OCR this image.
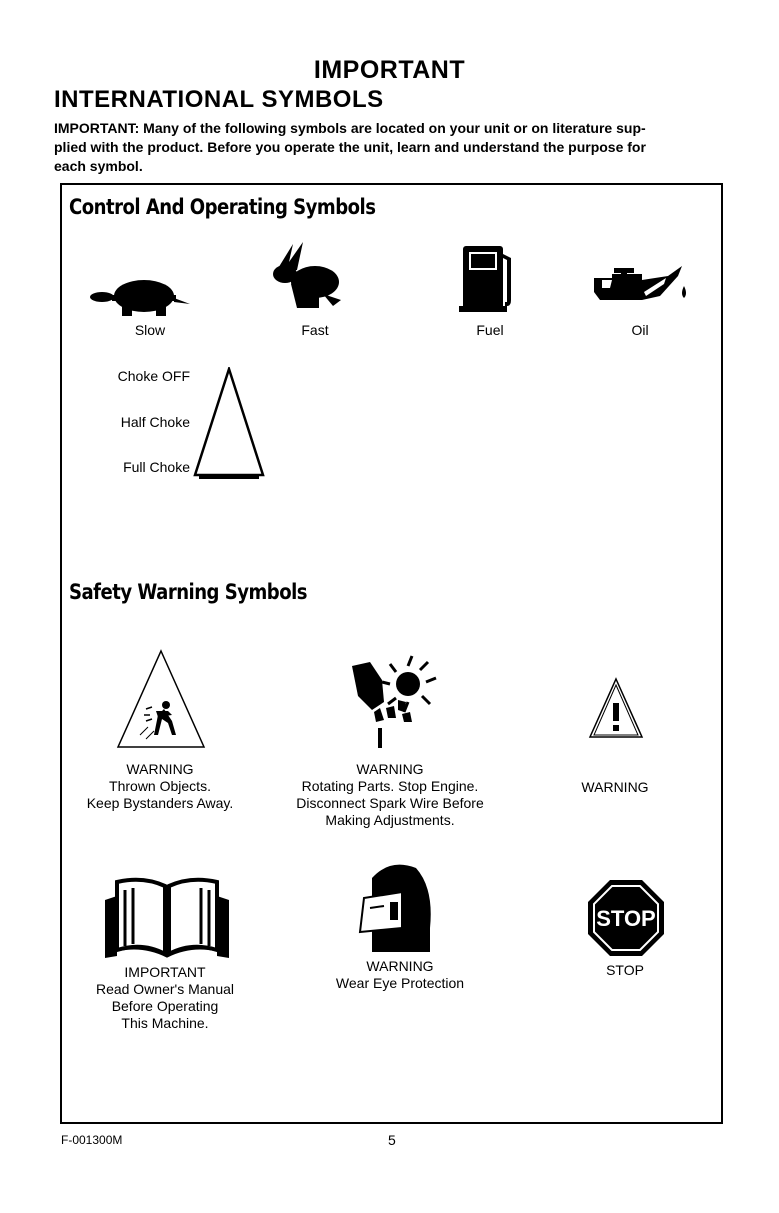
IMPORTANT
INTERNATIONAL SYMBOLS
IMPORTANT: Many of the following symbols are located on your unit or on literature sup-
plied with the product. Before you operate the unit, learn and understand the purpose for
each symbol.
Control And Operating Symbols
Slow	Fast	Fuel	Oil
Choke OFF
Half Choke
Full Choke
Safety Warning Symbols
WARNING
Thrown Objects.
Keep Bystanders Away.
WARNING
Rotating Parts. Stop Engine.
Disconnect Spark Wire Before
Making Adjustments.
WARNING
STOP
IMPORTANT
Read Owner's Manual
Before Operating
This Machine.
WARNING
Wear Eye Protection
STOP
F-001300M	5
